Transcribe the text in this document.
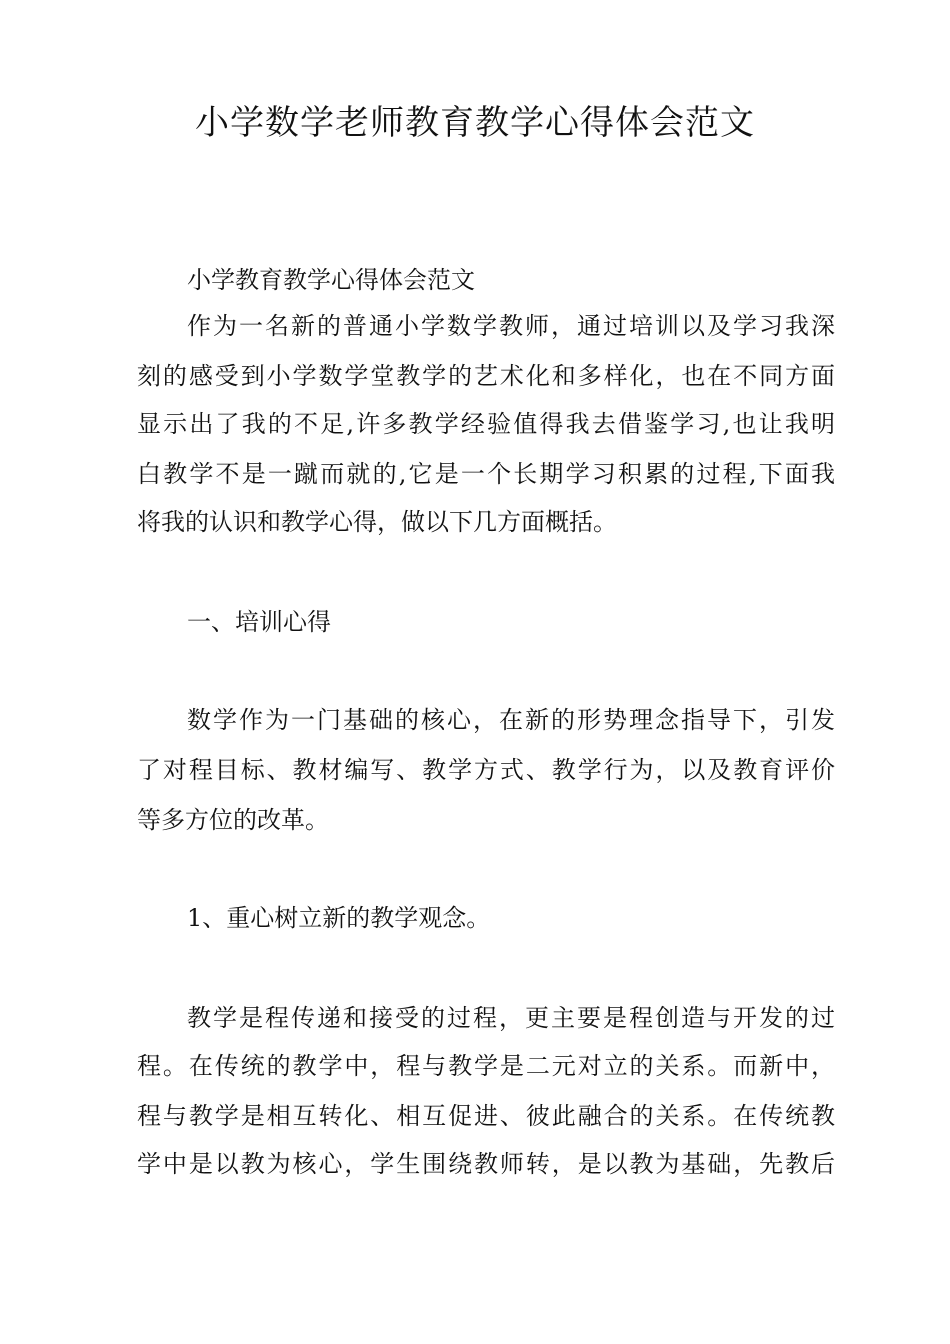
小学数学老师教育教学心得体会范文
小学教育教学心得体会范文
作为一名新的普通小学数学教师，通过培训以及学习我深
刻的感受到小学数学堂教学的艺术化和多样化，也在不同方面
显示出了我的不足,许多教学经验值得我去借鉴学习,也让我明
白教学不是一蹴而就的,它是一个长期学习积累的过程,下面我
将我的认识和教学心得，做以下几方面概括。
一、培训心得
数学作为一门基础的核心，在新的形势理念指导下，引发
了对程目标、教材编写、教学方式、教学行为，以及教育评价
等多方位的改革。
1、重心树立新的教学观念。
教学是程传递和接受的过程，更主要是程创造与开发的过
程。在传统的教学中，程与教学是二元对立的关系。而新中，
程与教学是相互转化、相互促进、彼此融合的关系。在传统教
学中是以教为核心，学生围绕教师转，是以教为基础，先教后
